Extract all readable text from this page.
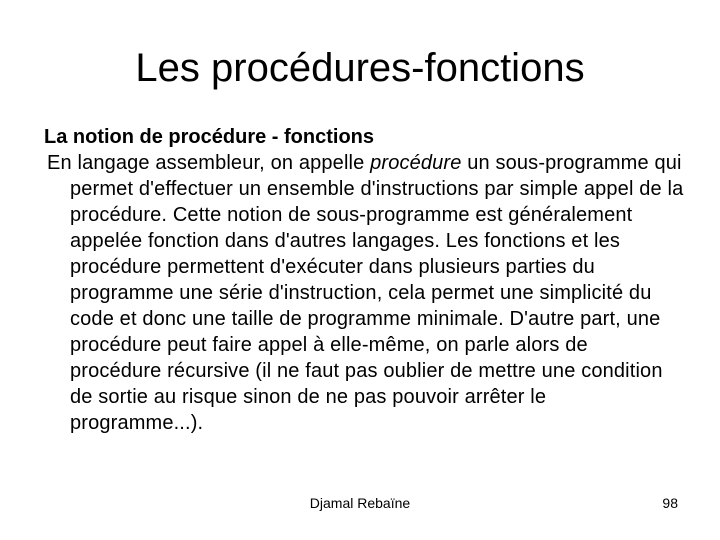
Les procédures-fonctions

La notion de procédure - fonctions

En langage assembleur, on appelle procédure un sous-programme qui permet d'effectuer un ensemble d'instructions par simple appel de la procédure. Cette notion de sous-programme est généralement appelée fonction dans d'autres langages. Les fonctions et les procédure permettent d'exécuter dans plusieurs parties du programme une série d'instruction, cela permet une simplicité du code et donc une taille de programme minimale. D'autre part, une procédure peut faire appel à elle-même, on parle alors de procédure récursive (il ne faut pas oublier de mettre une condition de sortie au risque sinon de ne pas pouvoir arrêter le programme...).

Djamal Rebaïne	98
